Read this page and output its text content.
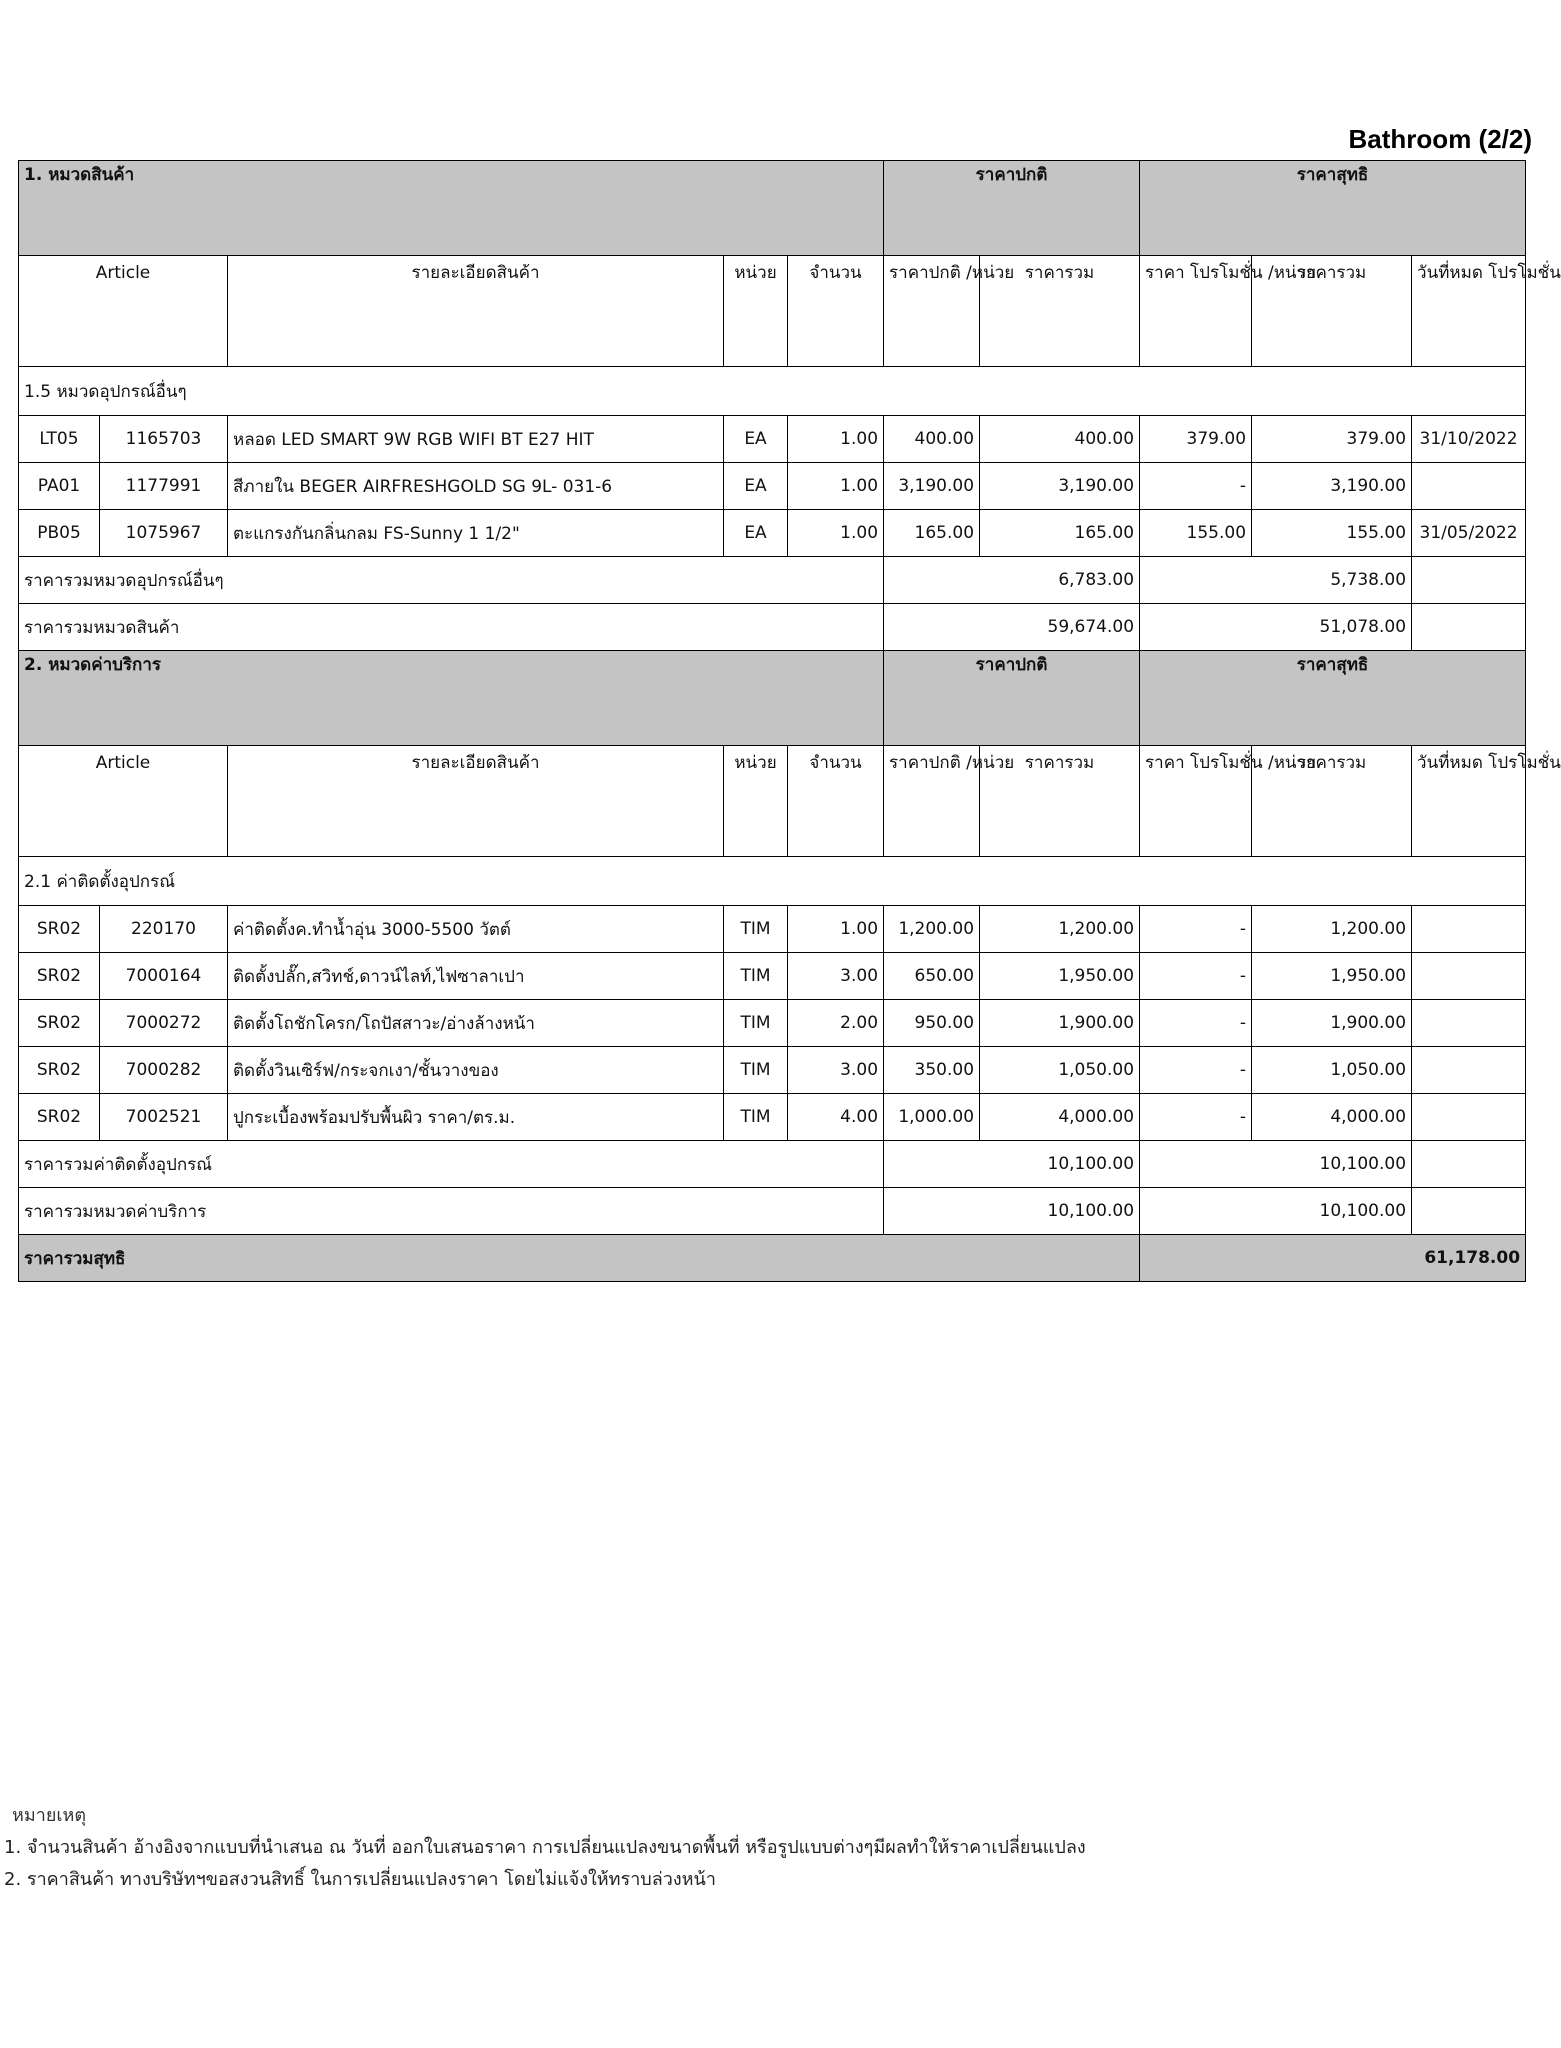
Bathroom (2/2)
1. หมวดสินค้า					ราคาปกติ		ราคาสุทธิ		
Article		รายละเอียดสินค้า	หน่วย	จำนวน	ราคาปกติ /หน่วย	ราคารวม	ราคา โปรโมชั่น /หน่วย	ราคารวม	วันที่หมด โปรโมชั่น
1.5 หมวดอุปกรณ์อื่นๆ									
LT05	1165703	หลอด LED SMART 9W RGB WIFI BT E27 HIT	EA	1.00	400.00	400.00	379.00	379.00	31/10/2022
PA01	1177991	สีภายใน BEGER AIRFRESHGOLD SG 9L- 031-6	EA	1.00	3,190.00	3,190.00	-	3,190.00	
PB05	1075967	ตะแกรงกันกลิ่นกลม FS-Sunny 1 1/2"	EA	1.00	165.00	165.00	155.00	155.00	31/05/2022
ราคารวมหมวดอุปกรณ์อื่นๆ					6,783.00		5,738.00		
ราคารวมหมวดสินค้า					59,674.00		51,078.00		
2. หมวดค่าบริการ					ราคาปกติ		ราคาสุทธิ		
Article		รายละเอียดสินค้า	หน่วย	จำนวน	ราคาปกติ /หน่วย	ราคารวม	ราคา โปรโมชั่น /หน่วย	ราคารวม	วันที่หมด โปรโมชั่น
2.1 ค่าติดตั้งอุปกรณ์									
SR02	220170	ค่าติดตั้งค.ทำน้ำอุ่น 3000-5500 วัตต์	TIM	1.00	1,200.00	1,200.00	-	1,200.00	
SR02	7000164	ติดตั้งปลั๊ก,สวิทช์,ดาวน์ไลท์,ไฟซาลาเปา	TIM	3.00	650.00	1,950.00	-	1,950.00	
SR02	7000272	ติดตั้งโถชักโครก/โถปัสสาวะ/อ่างล้างหน้า	TIM	2.00	950.00	1,900.00	-	1,900.00	
SR02	7000282	ติดตั้งวินเซิร์ฟ/กระจกเงา/ชั้นวางของ	TIM	3.00	350.00	1,050.00	-	1,050.00	
SR02	7002521	ปูกระเบื้องพร้อมปรับพื้นผิว ราคา/ตร.ม.	TIM	4.00	1,000.00	4,000.00	-	4,000.00	
ราคารวมค่าติดตั้งอุปกรณ์					10,100.00		10,100.00		
ราคารวมหมวดค่าบริการ					10,100.00		10,100.00		
ราคารวมสุทธิ							61,178.00		
หมายเหตุ
1. จำนวนสินค้า อ้างอิงจากแบบที่นำเสนอ ณ วันที่ ออกใบเสนอราคา การเปลี่ยนแปลงขนาดพื้นที่ หรือรูปแบบต่างๆมีผลทำให้ราคาเปลี่ยนแปลง
2. ราคาสินค้า ทางบริษัทฯขอสงวนสิทธิ์ ในการเปลี่ยนแปลงราคา โดยไม่แจ้งให้ทราบล่วงหน้า
